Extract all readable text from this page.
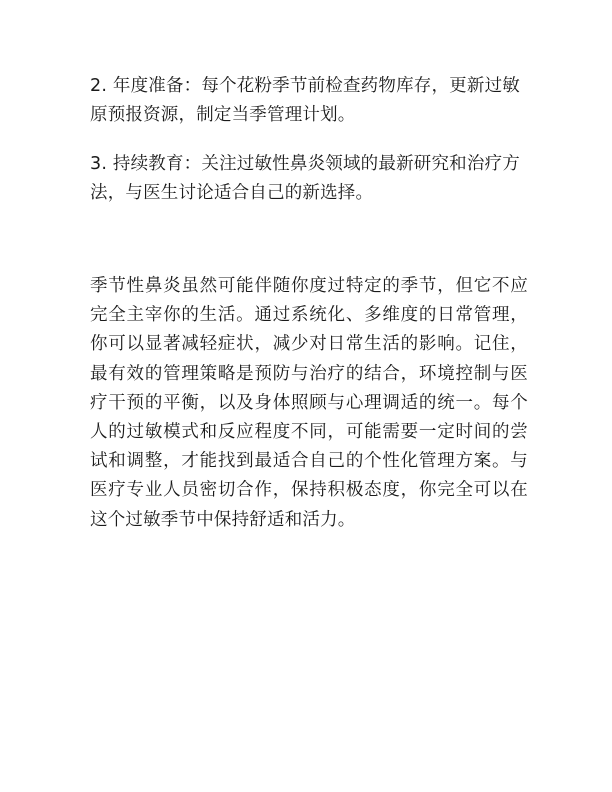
2. 年度准备：每个花粉季节前检查药物库存，更新过敏原预报资源，制定当季管理计划。

3. 持续教育：关注过敏性鼻炎领域的最新研究和治疗方法，与医生讨论适合自己的新选择。

季节性鼻炎虽然可能伴随你度过特定的季节，但它不应完全主宰你的生活。通过系统化、多维度的日常管理，你可以显著减轻症状，减少对日常生活的影响。记住，最有效的管理策略是预防与治疗的结合，环境控制与医疗干预的平衡，以及身体照顾与心理调适的统一。每个人的过敏模式和反应程度不同，可能需要一定时间的尝试和调整，才能找到最适合自己的个性化管理方案。与医疗专业人员密切合作，保持积极态度，你完全可以在这个过敏季节中保持舒适和活力。
